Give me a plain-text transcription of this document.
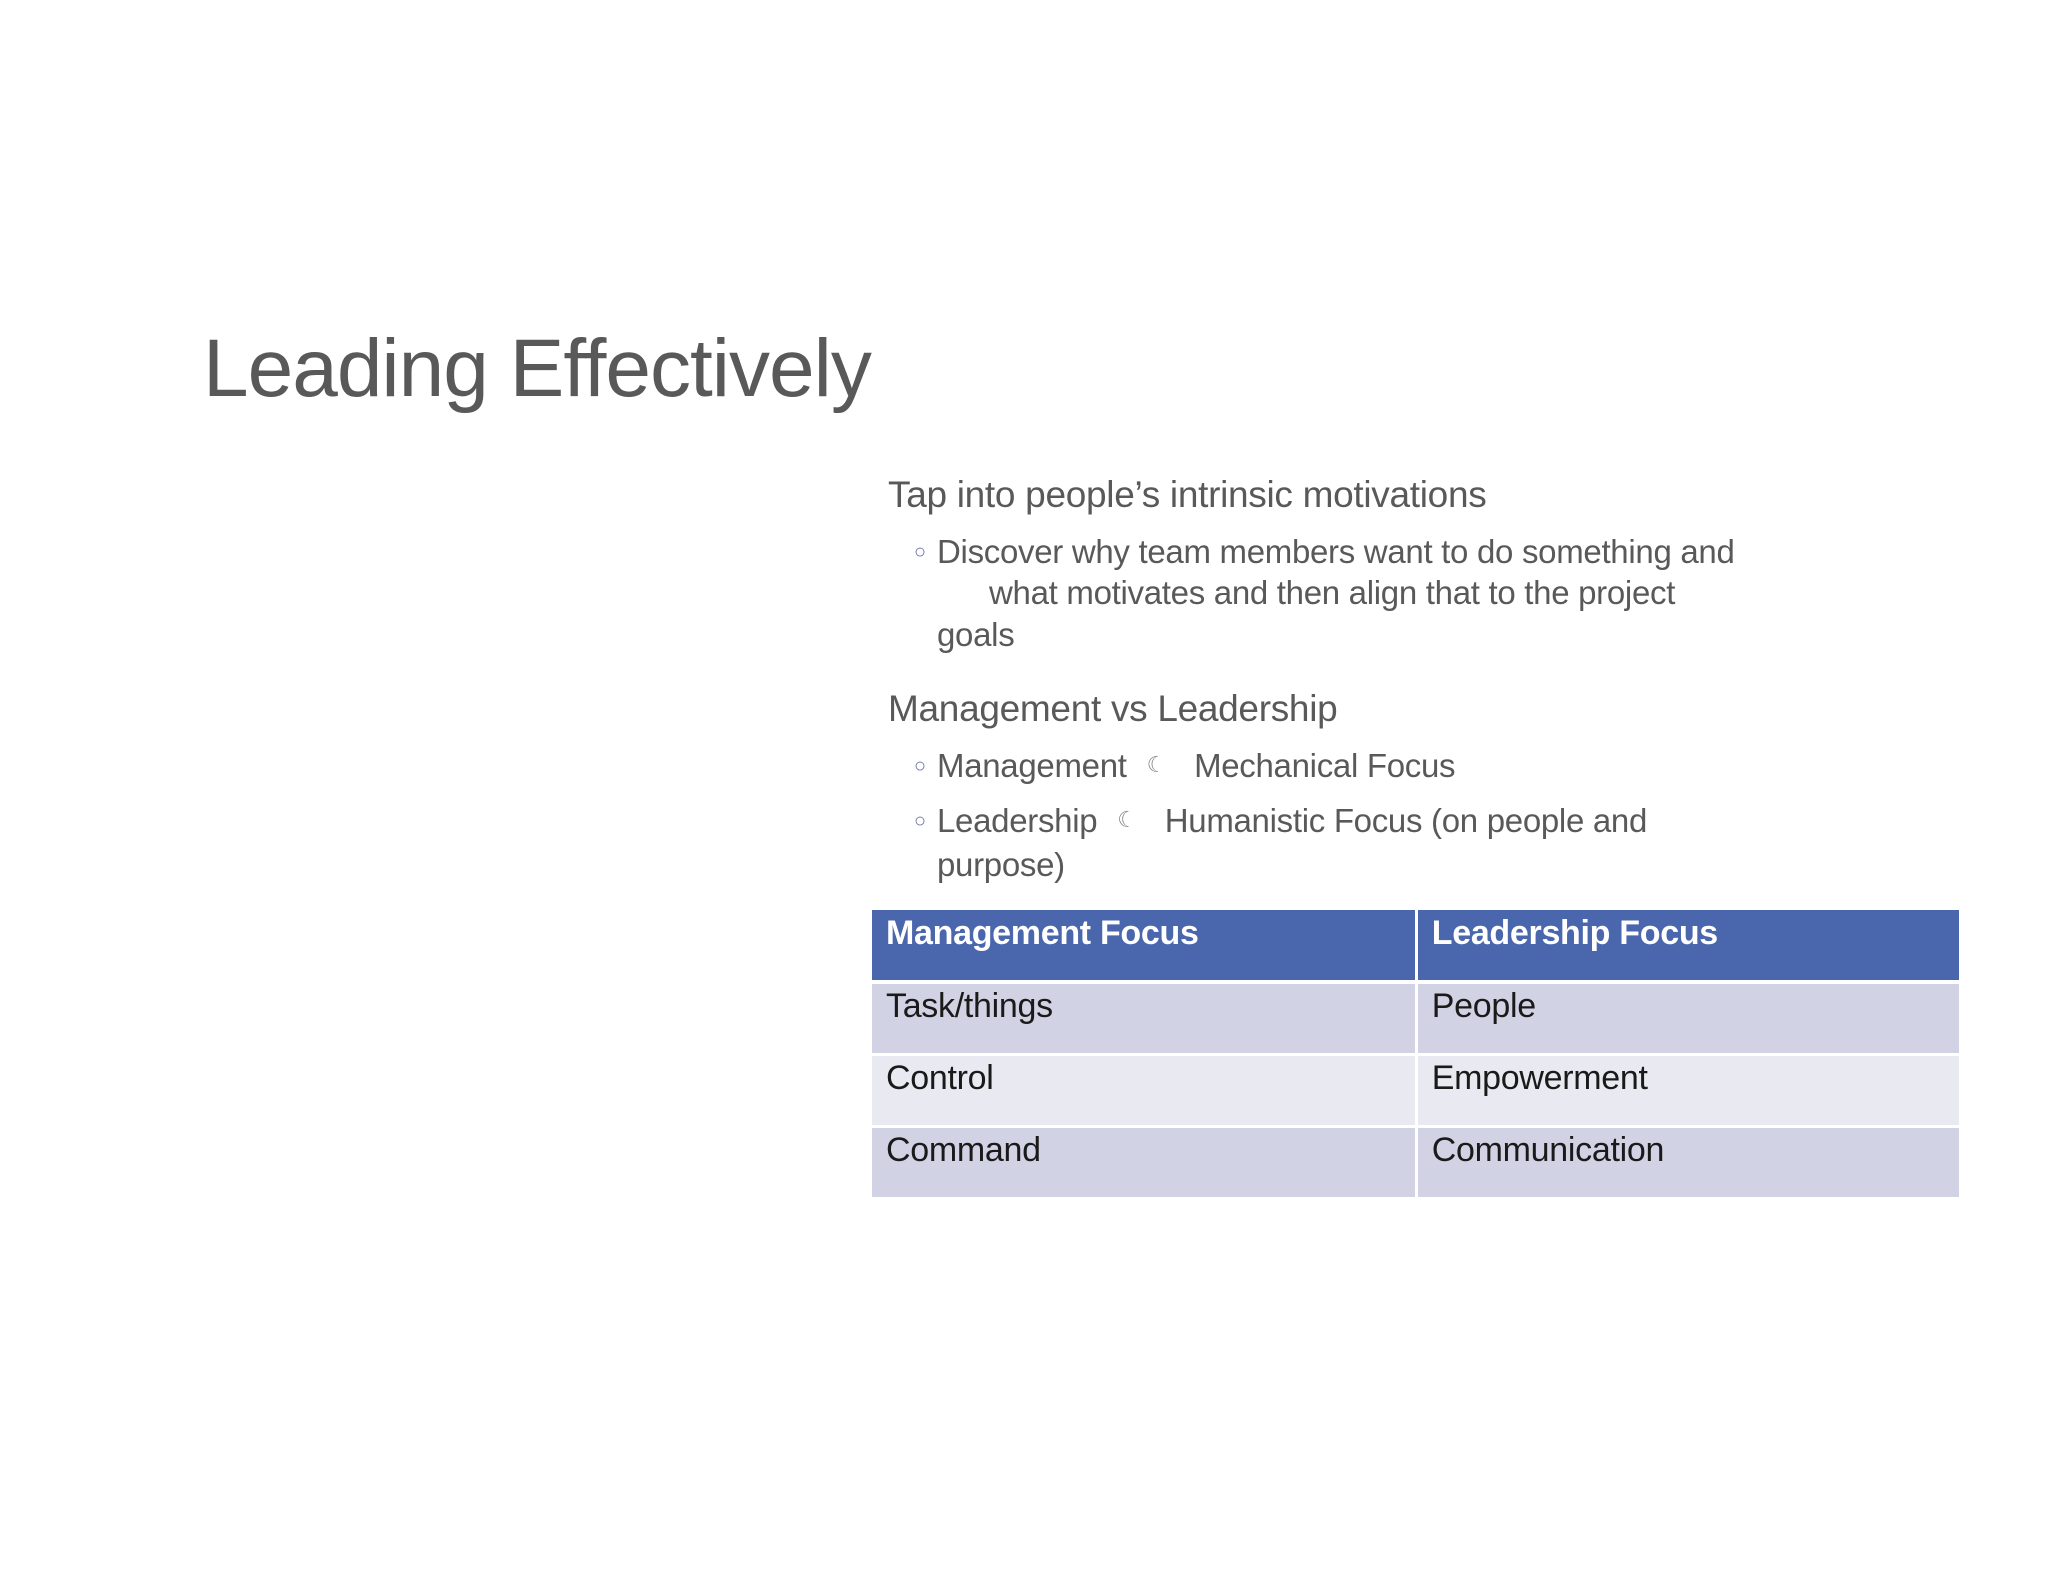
Leading Effectively

Tap into people’s intrinsic motivations

○ Discover why team members want to do something and
what motivates and then align that to the project
goals

Management vs Leadership

○ Management ☾ Mechanical Focus
○ Leadership ☾ Humanistic Focus (on people and
purpose)
Management Focus	Leadership Focus
Task/things	People
Control	Empowerment
Command	Communication
